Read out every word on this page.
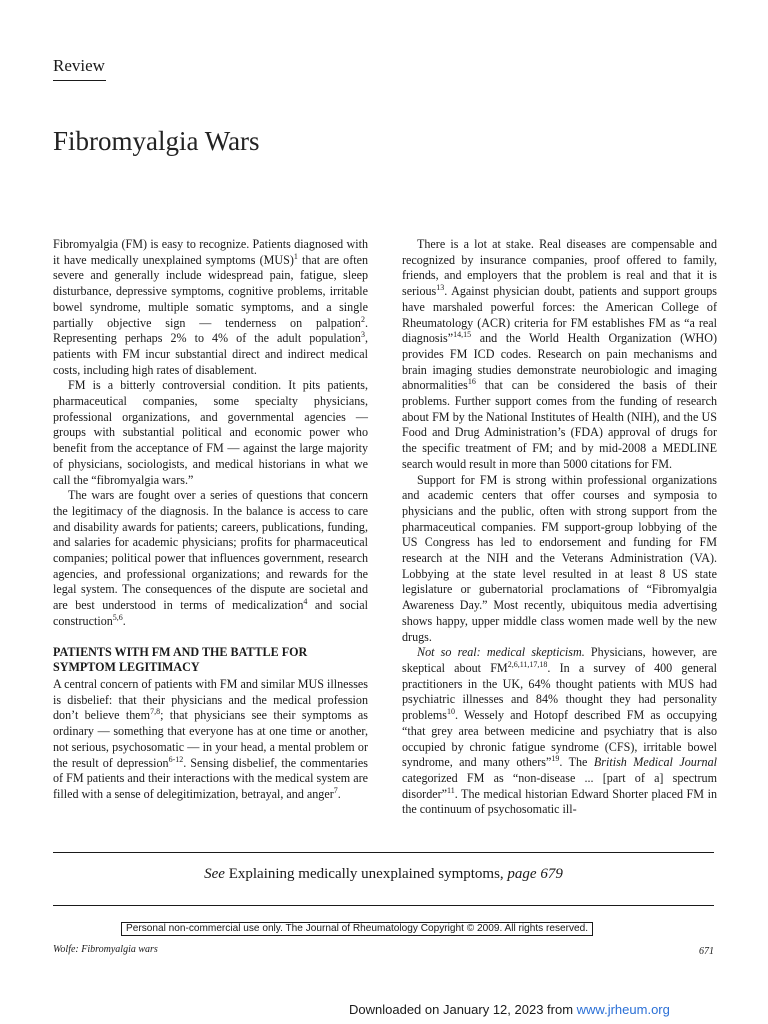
Review

Fibromyalgia Wars

Fibromyalgia (FM) is easy to recognize. Patients diagnosed with it have medically unexplained symptoms (MUS)$^1$ that are often severe and generally include widespread pain, fatigue, sleep disturbance, depressive symptoms, cognitive problems, irritable bowel syndrome, multiple somatic symptoms, and a single partially objective sign — tenderness on palpation$^2$. Representing perhaps 2% to 4% of the adult population$^3$, patients with FM incur substantial direct and indirect medical costs, including high rates of disablement.

FM is a bitterly controversial condition. It pits patients, pharmaceutical companies, some specialty physicians, professional organizations, and governmental agencies — groups with substantial political and economic power who benefit from the acceptance of FM — against the large majority of physicians, sociologists, and medical historians in what we call the “fibromyalgia wars.”

The wars are fought over a series of questions that concern the legitimacy of the diagnosis. In the balance is access to care and disability awards for patients; careers, publications, funding, and salaries for academic physicians; profits for pharmaceutical companies; political power that influences government, research agencies, and professional organizations; and rewards for the legal system. The consequences of the dispute are societal and are best understood in terms of medicalization$^4$ and social construction$^{5,6}$.

PATIENTS WITH FM AND THE BATTLE FOR SYMPTOM LEGITIMACY

A central concern of patients with FM and similar MUS illnesses is disbelief: that their physicians and the medical profession don’t believe them$^{7,8}$; that physicians see their symptoms as ordinary — something that everyone has at one time or another, not serious, psychosomatic — in your head, a mental problem or the result of depression$^{6-12}$. Sensing disbelief, the commentaries of FM patients and their interactions with the medical system are filled with a sense of delegitimization, betrayal, and anger$^7$.

There is a lot at stake. Real diseases are compensable and recognized by insurance companies, proof offered to family, friends, and employers that the problem is real and that it is serious$^{13}$. Against physician doubt, patients and support groups have marshaled powerful forces: the American College of Rheumatology (ACR) criteria for FM establishes FM as “a real diagnosis”$^{14,15}$ and the World Health Organization (WHO) provides FM ICD codes. Research on pain mechanisms and brain imaging studies demonstrate neurobiologic and imaging abnormalities$^{16}$ that can be considered the basis of their problems. Further support comes from the funding of research about FM by the National Institutes of Health (NIH), and the US Food and Drug Administration’s (FDA) approval of drugs for the specific treatment of FM; and by mid-2008 a MEDLINE search would result in more than 5000 citations for FM.

Support for FM is strong within professional organizations and academic centers that offer courses and symposia to physicians and the public, often with strong support from the pharmaceutical companies. FM support-group lobbying of the US Congress has led to endorsement and funding for FM research at the NIH and the Veterans Administration (VA). Lobbying at the state level resulted in at least 8 US state legislature or gubernatorial proclamations of “Fibromyalgia Awareness Day.” Most recently, ubiquitous media advertising shows happy, upper middle class women made well by the new drugs.

Not so real: medical skepticism. Physicians, however, are skeptical about FM$^{2,6,11,17,18}$. In a survey of 400 general practitioners in the UK, 64% thought patients with MUS had psychiatric illnesses and 84% thought they had personality problems$^{10}$. Wessely and Hotopf described FM as occupying “that grey area between medicine and psychiatry that is also occupied by chronic fatigue syndrome (CFS), irritable bowel syndrome, and many others”$^{19}$. The British Medical Journal categorized FM as “non-disease ... [part of a] spectrum disorder”$^{11}$. The medical historian Edward Shorter placed FM in the continuum of psychosomatic ill-

See Explaining medically unexplained symptoms, page 679

Personal non-commercial use only. The Journal of Rheumatology Copyright © 2009. All rights reserved.
Wolfe: Fibromyalgia wars	671
Downloaded on January 12, 2023 from www.jrheum.org
